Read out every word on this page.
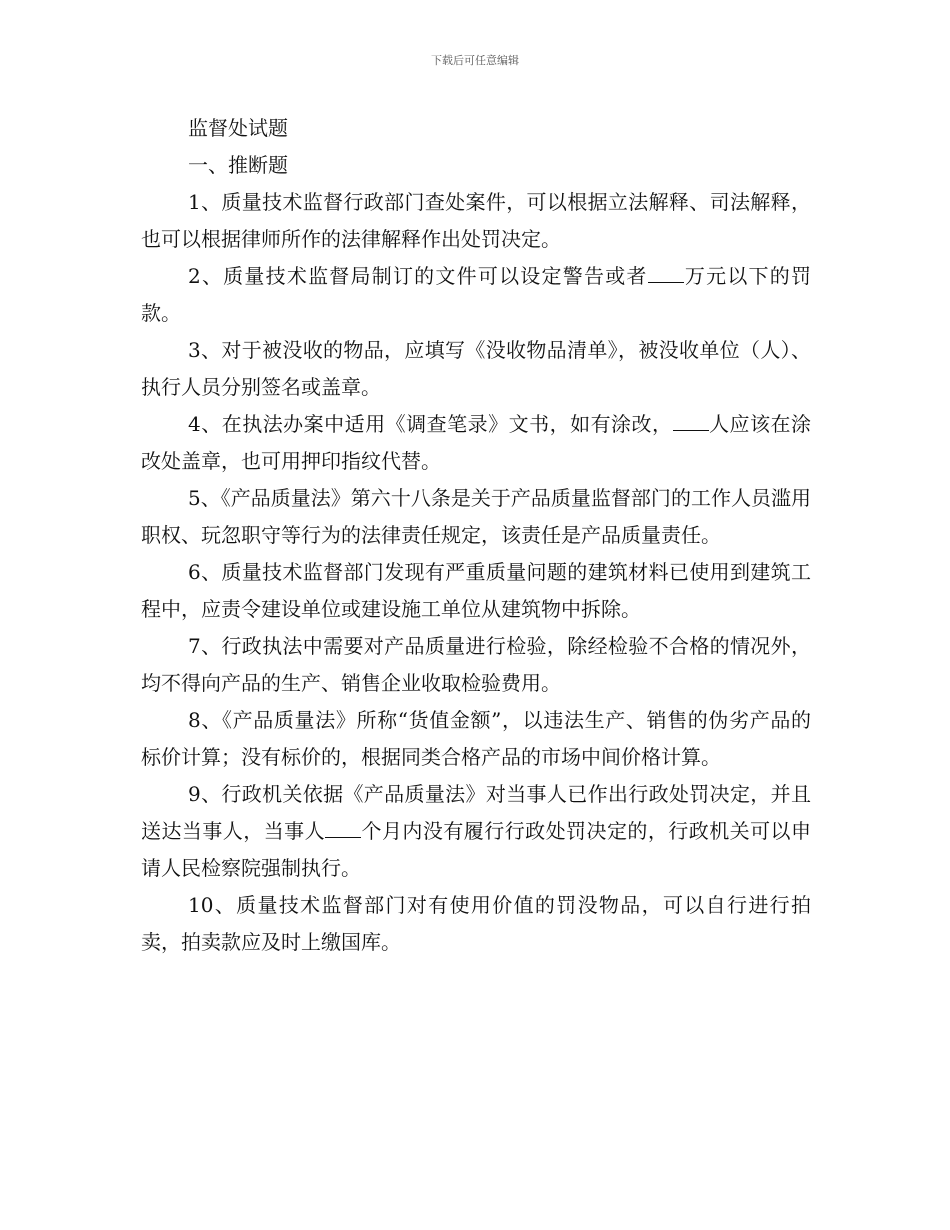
下载后可任意编辑

监督处试题

一、推断题

1、质量技术监督行政部门查处案件，可以根据立法解释、司法解释，也可以根据律师所作的法律解释作出处罚决定。

2、质量技术监督局制订的文件可以设定警告或者 万元以下的罚款。

3、对于被没收的物品，应填写《没收物品清单》，被没收单位（人）、执行人员分别签名或盖章。

4、在执法办案中适用《调查笔录》文书，如有涂改， 人应该在涂改处盖章，也可用押印指纹代替。

5、《产品质量法》第六十八条是关于产品质量监督部门的工作人员滥用职权、玩忽职守等行为的法律责任规定，该责任是产品质量责任。

6、质量技术监督部门发现有严重质量问题的建筑材料已使用到建筑工程中，应责令建设单位或建设施工单位从建筑物中拆除。

7、行政执法中需要对产品质量进行检验，除经检验不合格的情况外，均不得向产品的生产、销售企业收取检验费用。

8、《产品质量法》所称“货值金额”，以违法生产、销售的伪劣产品的标价计算；没有标价的，根据同类合格产品的市场中间价格计算。

9、行政机关依据《产品质量法》对当事人已作出行政处罚决定，并且送达当事人，当事人 个月内没有履行行政处罚决定的，行政机关可以申请人民检察院强制执行。

10、质量技术监督部门对有使用价值的罚没物品，可以自行进行拍卖，拍卖款应及时上缴国库。
